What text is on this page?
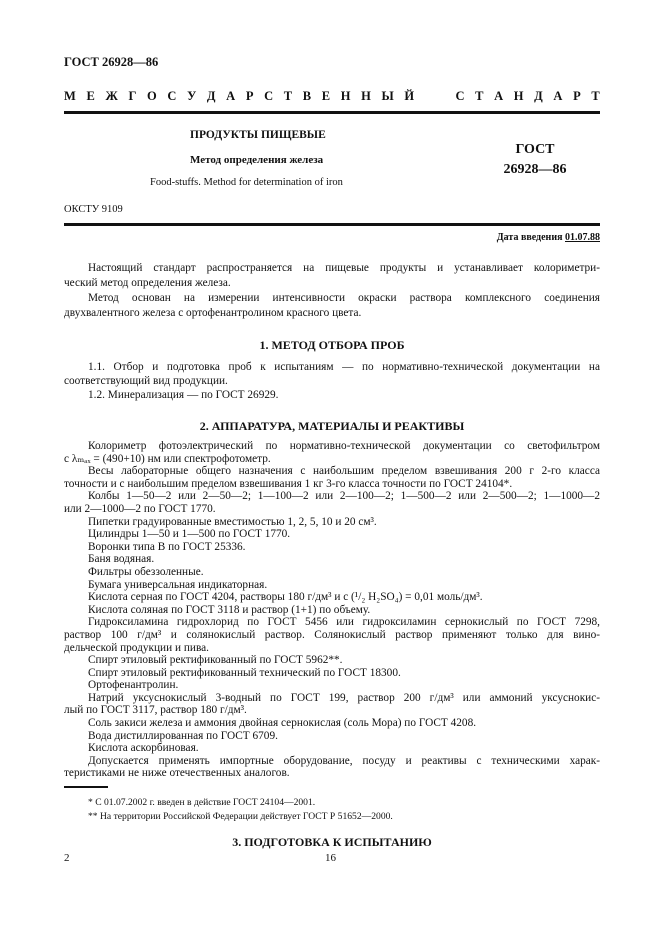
ГОСТ 26928—86
М Е Ж Г О С У Д А Р С Т В Е Н Н Ы Й	С Т А Н Д А Р Т
ПРОДУКТЫ ПИЩЕВЫЕ
Метод определения железа
Food-stuffs. Method for determination of iron
ГОСТ
26928—86
ОКСТУ 9109
Дата введения 01.07.88
Настоящий стандарт распространяется на пищевые продукты и устанавливает колориметри-
ческий метод определения железа.
Метод основан на измерении интенсивности окраски раствора комплексного соединения
двухвалентного железа с ортофенантролином красного цвета.
1. МЕТОД ОТБОРА ПРОБ
1.1. Отбор и подготовка проб к испытаниям — по нормативно-технической документации на
соответствующий вид продукции.
1.2. Минерализация — по ГОСТ 26929.
2. АППАРАТУРА, МАТЕРИАЛЫ И РЕАКТИВЫ
Колориметр фотоэлектрический по нормативно-технической документации со светофильтром
с λₘₐₓ = (490+10) нм или спектрофотометр.
Весы лабораторные общего назначения с наибольшим пределом взвешивания 200 г 2-го класса
точности и с наибольшим пределом взвешивания 1 кг 3-го класса точности по ГОСТ 24104*.
Колбы 1—50—2 или 2—50—2; 1—100—2 или 2—100—2; 1—500—2 или 2—500—2; 1—1000—2
или 2—1000—2 по ГОСТ 1770.
Пипетки градуированные вместимостью 1, 2, 5, 10 и 20 см³.
Цилиндры 1—50 и 1—500 по ГОСТ 1770.
Воронки типа В по ГОСТ 25336.
Баня водяная.
Фильтры обеззоленные.
Бумага универсальная индикаторная.
Кислота серная по ГОСТ 4204, растворы 180 г/дм³ и c (¹/₂ H₂SO₄) = 0,01 моль/дм³.
Кислота соляная по ГОСТ 3118 и раствор (1+1) по объему.
Гидроксиламина гидрохлорид по ГОСТ 5456 или гидроксиламин сернокислый по ГОСТ 7298,
раствор 100 г/дм³ и солянокислый раствор. Солянокислый раствор применяют только для вино-
дельческой продукции и пива.
Спирт этиловый ректификованный по ГОСТ 5962**.
Спирт этиловый ректификованный технический по ГОСТ 18300.
Ортофенантролин.
Натрий уксуснокислый 3-водный по ГОСТ 199, раствор 200 г/дм³ или аммоний уксуснокис-
лый по ГОСТ 3117, раствор 180 г/дм³.
Соль закиси железа и аммония двойная сернокислая (соль Мора) по ГОСТ 4208.
Вода дистиллированная по ГОСТ 6709.
Кислота аскорбиновая.
Допускается применять импортные оборудование, посуду и реактивы с техническими харак-
теристиками не ниже отечественных аналогов.
* С 01.07.2002 г. введен в действие ГОСТ 24104—2001.
** На территории Российской Федерации действует ГОСТ Р 51652—2000.
3. ПОДГОТОВКА К ИСПЫТАНИЮ
2	16
